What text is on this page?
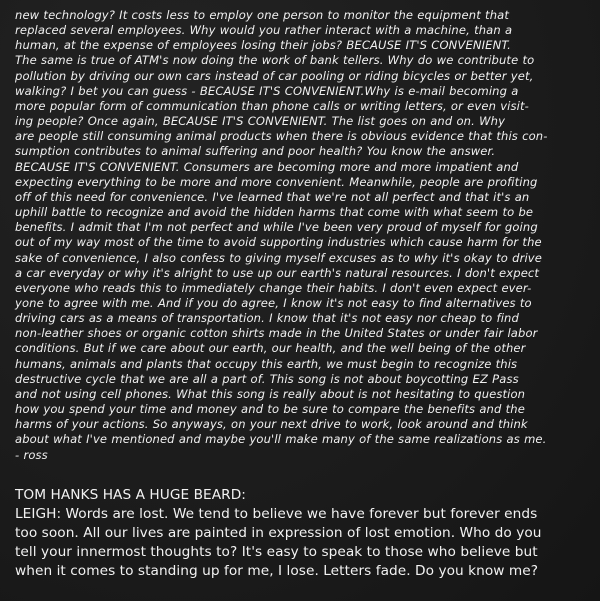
new technology? It costs less to employ one person to monitor the equipment that
replaced several employees. Why would you rather interact with a machine, than a
human, at the expense of employees losing their jobs? BECAUSE IT'S CONVENIENT.
The same is true of ATM's now doing the work of bank tellers. Why do we contribute to
pollution by driving our own cars instead of car pooling or riding bicycles or better yet,
walking? I bet you can guess - BECAUSE IT'S CONVENIENT.Why is e-mail becoming a
more popular form of communication than phone calls or writing letters, or even visit-
ing people? Once again, BECAUSE IT'S CONVENIENT. The list goes on and on. Why
are people still consuming animal products when there is obvious evidence that this con-
sumption contributes to animal suffering and poor health? You know the answer.
BECAUSE IT'S CONVENIENT. Consumers are becoming more and more impatient and
expecting everything to be more and more convenient. Meanwhile, people are profiting
off of this need for convenience. I've learned that we're not all perfect and that it's an
uphill battle to recognize and avoid the hidden harms that come with what seem to be
benefits. I admit that I'm not perfect and while I've been very proud of myself for going
out of my way most of the time to avoid supporting industries which cause harm for the
sake of convenience, I also confess to giving myself excuses as to why it's okay to drive
a car everyday or why it's alright to use up our earth's natural resources. I don't expect
everyone who reads this to immediately change their habits. I don't even expect ever-
yone to agree with me. And if you do agree, I know it's not easy to find alternatives to
driving cars as a means of transportation. I know that it's not easy nor cheap to find
non-leather shoes or organic cotton shirts made in the United States or under fair labor
conditions. But if we care about our earth, our health, and the well being of the other
humans, animals and plants that occupy this earth, we must begin to recognize this
destructive cycle that we are all a part of. This song is not about boycotting EZ Pass
and not using cell phones. What this song is really about is not hesitating to question
how you spend your time and money and to be sure to compare the benefits and the
harms of your actions. So anyways, on your next drive to work, look around and think
about what I've mentioned and maybe you'll make many of the same realizations as me.
- ross
TOM HANKS HAS A HUGE BEARD:
LEIGH: Words are lost. We tend to believe we have forever but forever ends
too soon. All our lives are painted in expression of lost emotion. Who do you
tell your innermost thoughts to? It's easy to speak to those who believe but
when it comes to standing up for me, I lose. Letters fade. Do you know me?
